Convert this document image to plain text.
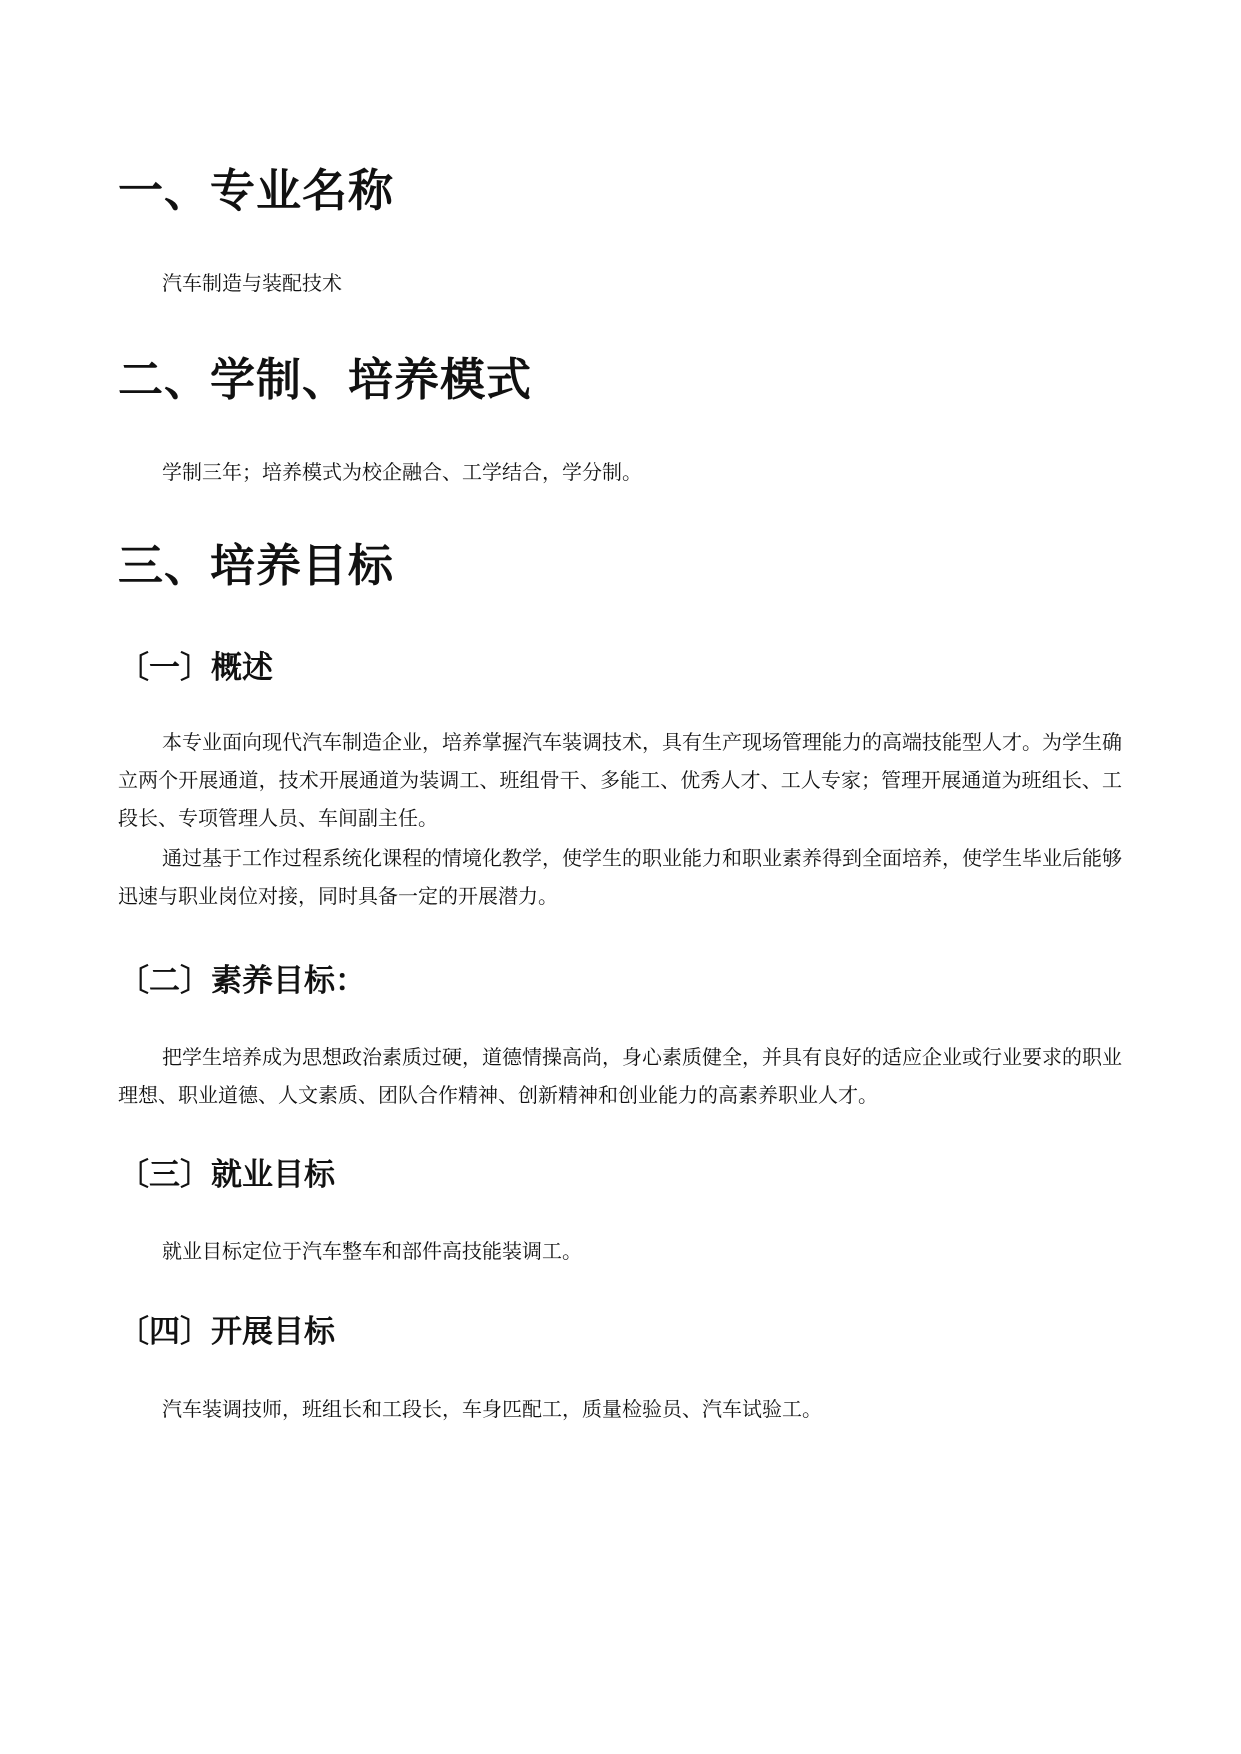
一、专业名称

汽车制造与装配技术

二、学制、培养模式

学制三年；培养模式为校企融合、工学结合，学分制。

三、培养目标
〔一〕概述

本专业面向现代汽车制造企业，培养掌握汽车装调技术，具有生产现场管理能力的高端技能型人才。为学生确立两个开展通道，技术开展通道为装调工、班组骨干、多能工、优秀人才、工人专家；管理开展通道为班组长、工段长、专项管理人员、车间副主任。

通过基于工作过程系统化课程的情境化教学，使学生的职业能力和职业素养得到全面培养，使学生毕业后能够迅速与职业岗位对接，同时具备一定的开展潜力。

〔二〕素养目标：

把学生培养成为思想政治素质过硬，道德情操高尚，身心素质健全，并具有良好的适应企业或行业要求的职业理想、职业道德、人文素质、团队合作精神、创新精神和创业能力的高素养职业人才。

〔三〕就业目标

就业目标定位于汽车整车和部件高技能装调工。

〔四〕开展目标

汽车装调技师，班组长和工段长，车身匹配工，质量检验员、汽车试验工。
